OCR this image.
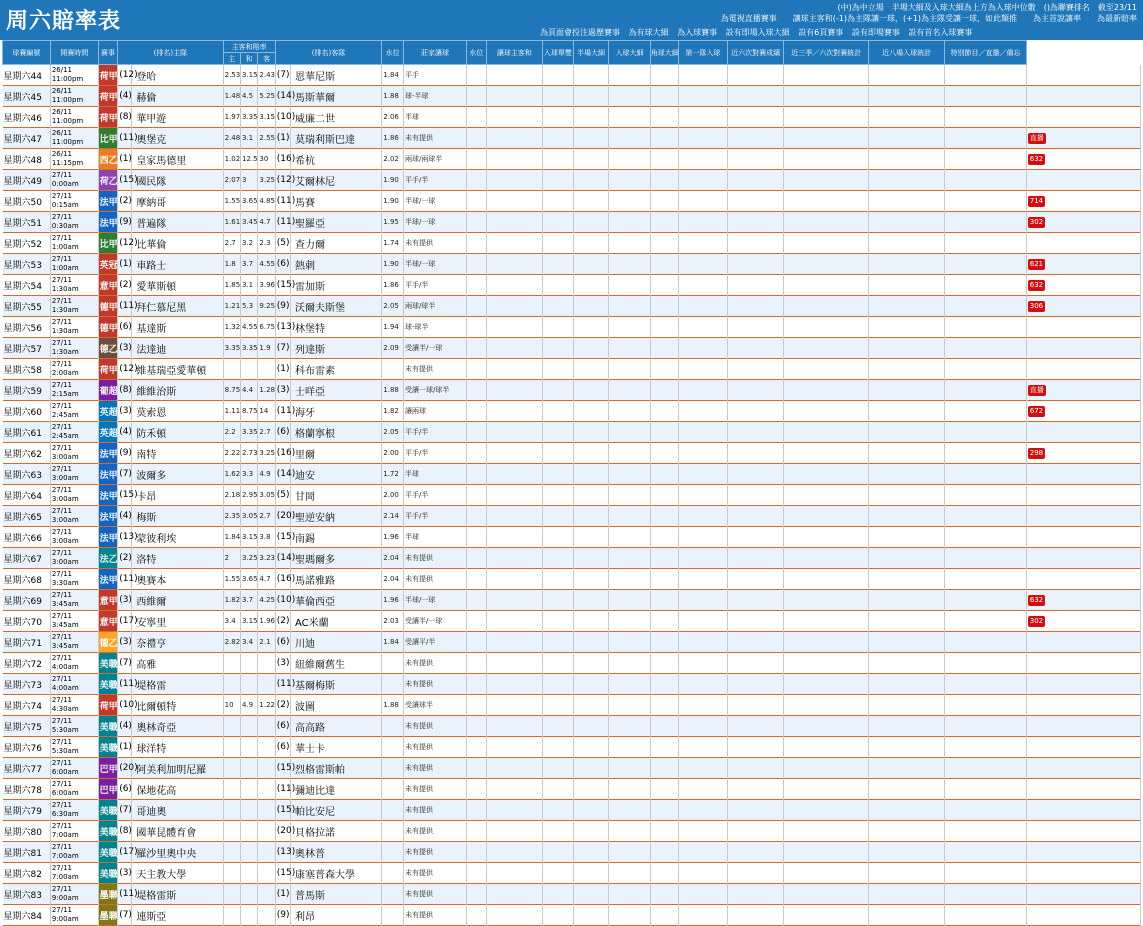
周六賠率表
(中)為中立場　半場大細及入球大細為上方為入球中位數　()為聯賽排名　截至23/11
為電視直播賽事　　讓球主客和(-1)為主隊讓一球，(+1)為主隊受讓一球，如此類推　　為主首說讓率　　為最新賠率
為頁面會投注過歷賽事 為有球大細 為入球賽事 設有即場入球大細 設有6頁賽事 設有即場賽事 設有首名入球賽事
球賽編號	開賽時間	賽事	(排名)主隊		主客和賠率			(排名)客隊		水位	莊家讓球	水位	讓球主客和	入球單雙	半場大細	入球大細	角球大細	第一隊入球	近六次對賽成績	近三季／六次對賽統計	近八場入球統計	特別節目／直播／備忘	
					主	和	客																
星期六44	26/11
11:00pm	荷甲	(12)	登哈	2.53	3.15	2.43	(7)	恩華尼斯	1.84	平手												
星期六45	26/11
11:00pm	荷甲	(4)	赫倫	1.48	4.5	5.25	(14)	馬斯華爾	1.88	球-半球												
星期六46	26/11
11:00pm	荷甲	(8)	華甲遊	1.97	3.35	3.15	(10)	威廉二世	2.06	半球												
星期六47	26/11
11:00pm	比甲	(11)	奧堡克	2.48	3.1	2.55	(1)	莫瑞利斯巴達	1.86	未有提供												直播
星期六48	26/11
11:15pm	西乙	(1)	皇家馬德里	1.02	12.5	30	(16)	希杭	2.02	兩球/兩球半												632
星期六49	27/11
0:00am	荷乙	(15)	國民隊	2.07	3	3.25	(12)	艾爾林尼	1.90	平手/半												
星期六50	27/11
0:15am	法甲	(2)	摩納哥	1.55	3.65	4.85	(11)	馬賽	1.90	半球/一球												714
星期六51	27/11
0:30am	法甲	(9)	普遍隊	1.61	3.45	4.7	(11)	聖羅亞	1.95	半球/一球												302
星期六52	27/11
1:00am	比甲	(12)	比華倫	2.7	3.2	2.3	(5)	查力爾	1.74	未有提供												
星期六53	27/11
1:00am	英冠	(1)	車路士	1.8	3.7	4.55	(6)	熱刺	1.90	半球/一球												621
星期六54	27/11
1:30am	意甲	(2)	愛華斯頓	1.85	3.1	3.96	(15)	雷加斯	1.86	平手/半												632
星期六55	27/11
1:30am	德甲	(11)	拜仁慕尼黑	1.21	5.3	9.25	(9)	沃爾夫斯堡	2.05	兩球/球半												306
星期六56	27/11
1:30am	德甲	(6)	基達斯	1.32	4.55	6.75	(13)	林堡特	1.94	球-球半												
星期六57	27/11
1:30am	德乙	(3)	法達迪	3.35	3.35	1.9	(7)	列達斯	2.09	受讓半/一球												
星期六58	27/11
2:00am	荷甲	(12)	維基瑞亞愛華頓				(1)	科布雷素		未有提供												
星期六59	27/11
2:15am	葡超	(8)	維維治斯	8.75	4.4	1.28	(3)	士咩亞	1.88	受讓一球/球半												直播
星期六60	27/11
2:45am	英超	(3)	莫索恩	1.11	8.75	14	(11)	海牙	1.82	讓兩球												672
星期六61	27/11
2:45am	英超	(4)	防禾頓	2.2	3.35	2.7	(6)	格蘭寧根	2.05	平手/半												
星期六62	27/11
3:00am	法甲	(9)	南特	2.22	2.73	3.25	(16)	里爾	2.00	平手/半												298
星期六63	27/11
3:00am	法甲	(7)	波爾多	1.62	3.3	4.9	(14)	迪安	1.72	半球												
星期六64	27/11
3:00am	法甲	(15)	卡昂	2.18	2.95	3.05	(5)	甘岡	2.00	平手/半												
星期六65	27/11
3:00am	法甲	(4)	梅斯	2.35	3.05	2.7	(20)	聖逆安納	2.14	平手/半												
星期六66	27/11
3:00am	法甲	(13)	蒙彼利埃	1.84	3.15	3.8	(15)	南錫	1.96	半球												
星期六67	27/11
3:00am	法乙	(2)	洛特	2	3.25	3.23	(14)	聖瑪爾多	2.04	未有提供												
星期六68	27/11
3:30am	法甲	(11)	奧賽本	1.55	3.65	4.7	(16)	馬諾雅路	2.04	未有提供												
星期六69	27/11
3:45am	意甲	(3)	西維爾	1.82	3.7	4.25	(10)	華倫西亞	1.96	半球/一球												632
星期六70	27/11
3:45am	意甲	(17)	安寧里	3.4	3.15	1.96	(2)	AC米蘭	2.03	受讓半/一球												302
星期六71	27/11
3:45am	德乙	(3)	奈禮亨	2.82	3.4	2.1	(6)	川迪	1.84	受讓平/半												
星期六72	27/11
4:00am	美職	(7)	高雅				(3)	紐維爾舊生		未有提供												
星期六73	27/11
4:00am	美職	(11)	堤格雷				(11)	基爾梅斯		未有提供												
星期六74	27/11
4:30am	荷甲	(10)	比爾頓特	10	4.9	1.22	(2)	波圖	1.88	受讓球半												
星期六75	27/11
5:30am	美職	(4)	奧林奇亞				(6)	高高路		未有提供												
星期六76	27/11
5:30am	美職	(1)	球洋特				(6)	華士卡		未有提供												
星期六77	27/11
6:00am	巴甲	(20)	阿美利加明尼羅				(15)	烈格雷斯帕		未有提供												
星期六78	27/11
6:00am	巴甲	(6)	保地花高				(11)	彌迪比達		未有提供												
星期六79	27/11
6:30am	美職	(7)	哥迪奧				(15)	帕比安尼		未有提供												
星期六80	27/11
7:00am	美職	(8)	國華昆體育會				(20)	貝格拉諾		未有提供												
星期六81	27/11
7:00am	美職	(17)	羅沙里奧中央				(13)	奧林普		未有提供												
星期六82	27/11
7:00am	美職	(3)	天主教大學				(15)	康塞普森大學		未有提供												
星期六83	27/11
9:00am	墨聯	(11)	堤格雷斯				(1)	普馬斯		未有提供												
星期六84	27/11
9:00am	墨聯	(7)	連斯亞				(9)	利昂		未有提供												
